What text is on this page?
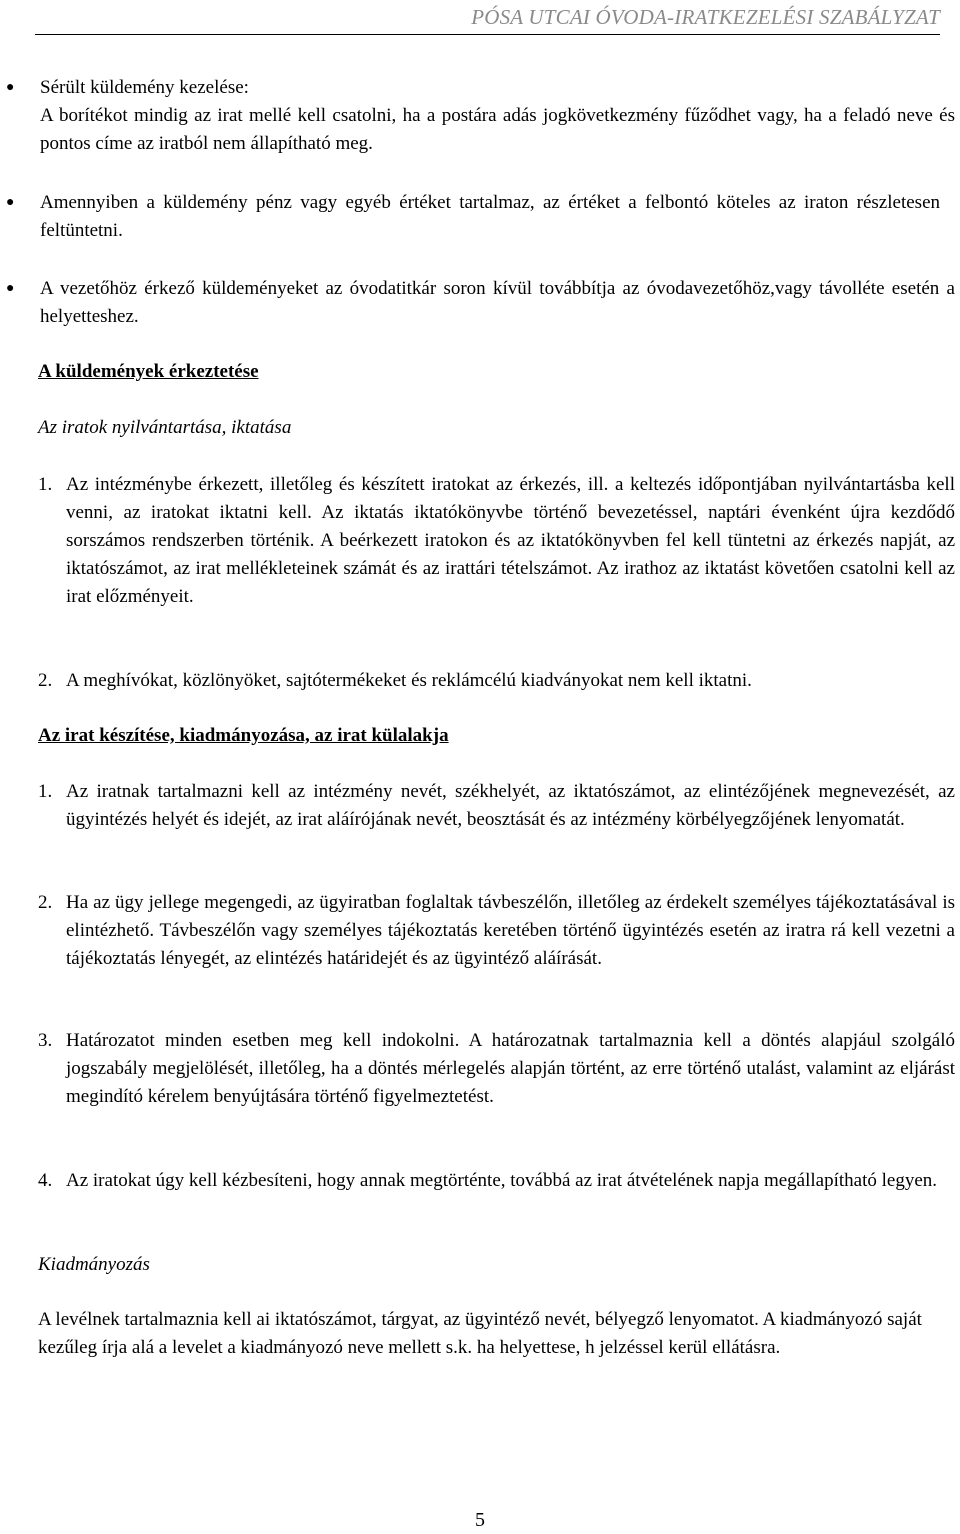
PÓSA UTCAI ÓVODA-IRATKEZELÉSI SZABÁLYZAT
● Sérült küldemény kezelése:
A borítékot mindig az irat mellé kell csatolni, ha a postára adás jogkövetkezmény fűződhet vagy, ha a feladó neve és pontos címe az iratból nem állapítható meg.
● Amennyiben a küldemény pénz vagy egyéb értéket tartalmaz, az értéket a felbontó köteles az iraton részletesen feltüntetni.
● A vezetőhöz érkező küldeményeket az óvodatitkár soron kívül továbbítja az óvodavezetőhöz,vagy távolléte esetén a helyetteshez.
A küldemények érkeztetése
Az iratok nyilvántartása, iktatása
1. Az intézménybe érkezett, illetőleg és készített iratokat az érkezés, ill. a keltezés időpontjában nyilvántartásba kell venni, az iratokat iktatni kell. Az iktatás iktatókönyvbe történő bevezetéssel, naptári évenként újra kezdődő sorszámos rendszerben történik. A beérkezett iratokon és az iktatókönyvben fel kell tüntetni az érkezés napját, az iktatószámot, az irat mellékleteinek számát és az irattári tételszámot. Az irathoz az iktatást követően csatolni kell az irat előzményeit.
2. A meghívókat, közlönyöket, sajtótermékeket és reklámcélú kiadványokat nem kell iktatni.
Az irat készítése, kiadmányozása, az irat külalakja
1. Az iratnak tartalmazni kell az intézmény nevét, székhelyét, az iktatószámot, az elintézőjének megnevezését, az ügyintézés helyét és idejét, az irat aláírójának nevét, beosztását és az intézmény körbélyegzőjének lenyomatát.
2. Ha az ügy jellege megengedi, az ügyiratban foglaltak távbeszélőn, illetőleg az érdekelt személyes tájékoztatásával is elintézhető. Távbeszélőn vagy személyes tájékoztatás keretében történő ügyintézés esetén az iratra rá kell vezetni a tájékoztatás lényegét, az elintézés határidejét és az ügyintéző aláírását.
3. Határozatot minden esetben meg kell indokolni. A határozatnak tartalmaznia kell a döntés alapjául szolgáló jogszabály megjelölését, illetőleg, ha a döntés mérlegelés alapján történt, az erre történő utalást, valamint az eljárást megindító kérelem benyújtására történő figyelmeztetést.
4. Az iratokat úgy kell kézbesíteni, hogy annak megtörténte, továbbá az irat átvételének napja megállapítható legyen.
Kiadmányozás
A levélnek tartalmaznia kell ai iktatószámot, tárgyat, az ügyintéző nevét, bélyegző lenyomatot. A kiadmányozó saját kezűleg írja alá a levelet a kiadmányozó neve mellett s.k. ha helyettese, h jelzéssel kerül ellátásra.
5
